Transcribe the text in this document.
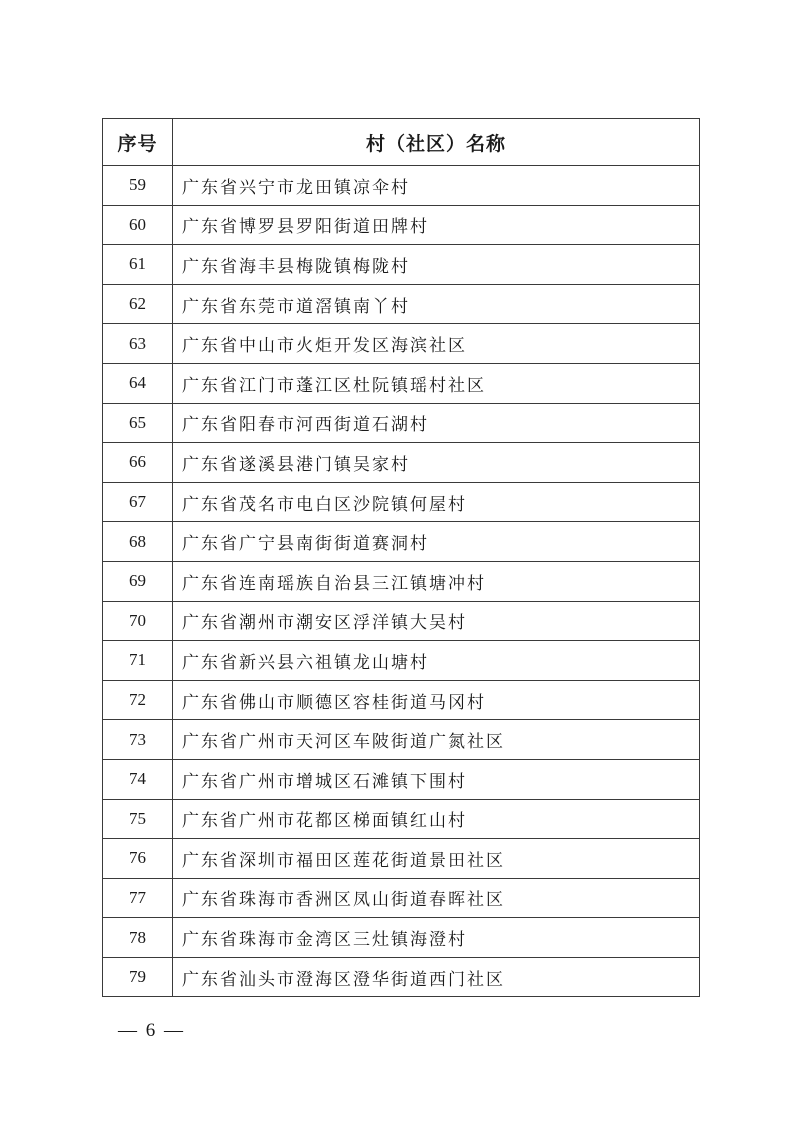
序号	村（社区）名称
59	广东省兴宁市龙田镇凉伞村
60	广东省博罗县罗阳街道田牌村
61	广东省海丰县梅陇镇梅陇村
62	广东省东莞市道滘镇南丫村
63	广东省中山市火炬开发区海滨社区
64	广东省江门市蓬江区杜阮镇瑶村社区
65	广东省阳春市河西街道石湖村
66	广东省遂溪县港门镇吴家村
67	广东省茂名市电白区沙院镇何屋村
68	广东省广宁县南街街道赛洞村
69	广东省连南瑶族自治县三江镇塘冲村
70	广东省潮州市潮安区浮洋镇大吴村
71	广东省新兴县六祖镇龙山塘村
72	广东省佛山市顺德区容桂街道马冈村
73	广东省广州市天河区车陂街道广氮社区
74	广东省广州市增城区石滩镇下围村
75	广东省广州市花都区梯面镇红山村
76	广东省深圳市福田区莲花街道景田社区
77	广东省珠海市香洲区凤山街道春晖社区
78	广东省珠海市金湾区三灶镇海澄村
79	广东省汕头市澄海区澄华街道西门社区
— 6 —
